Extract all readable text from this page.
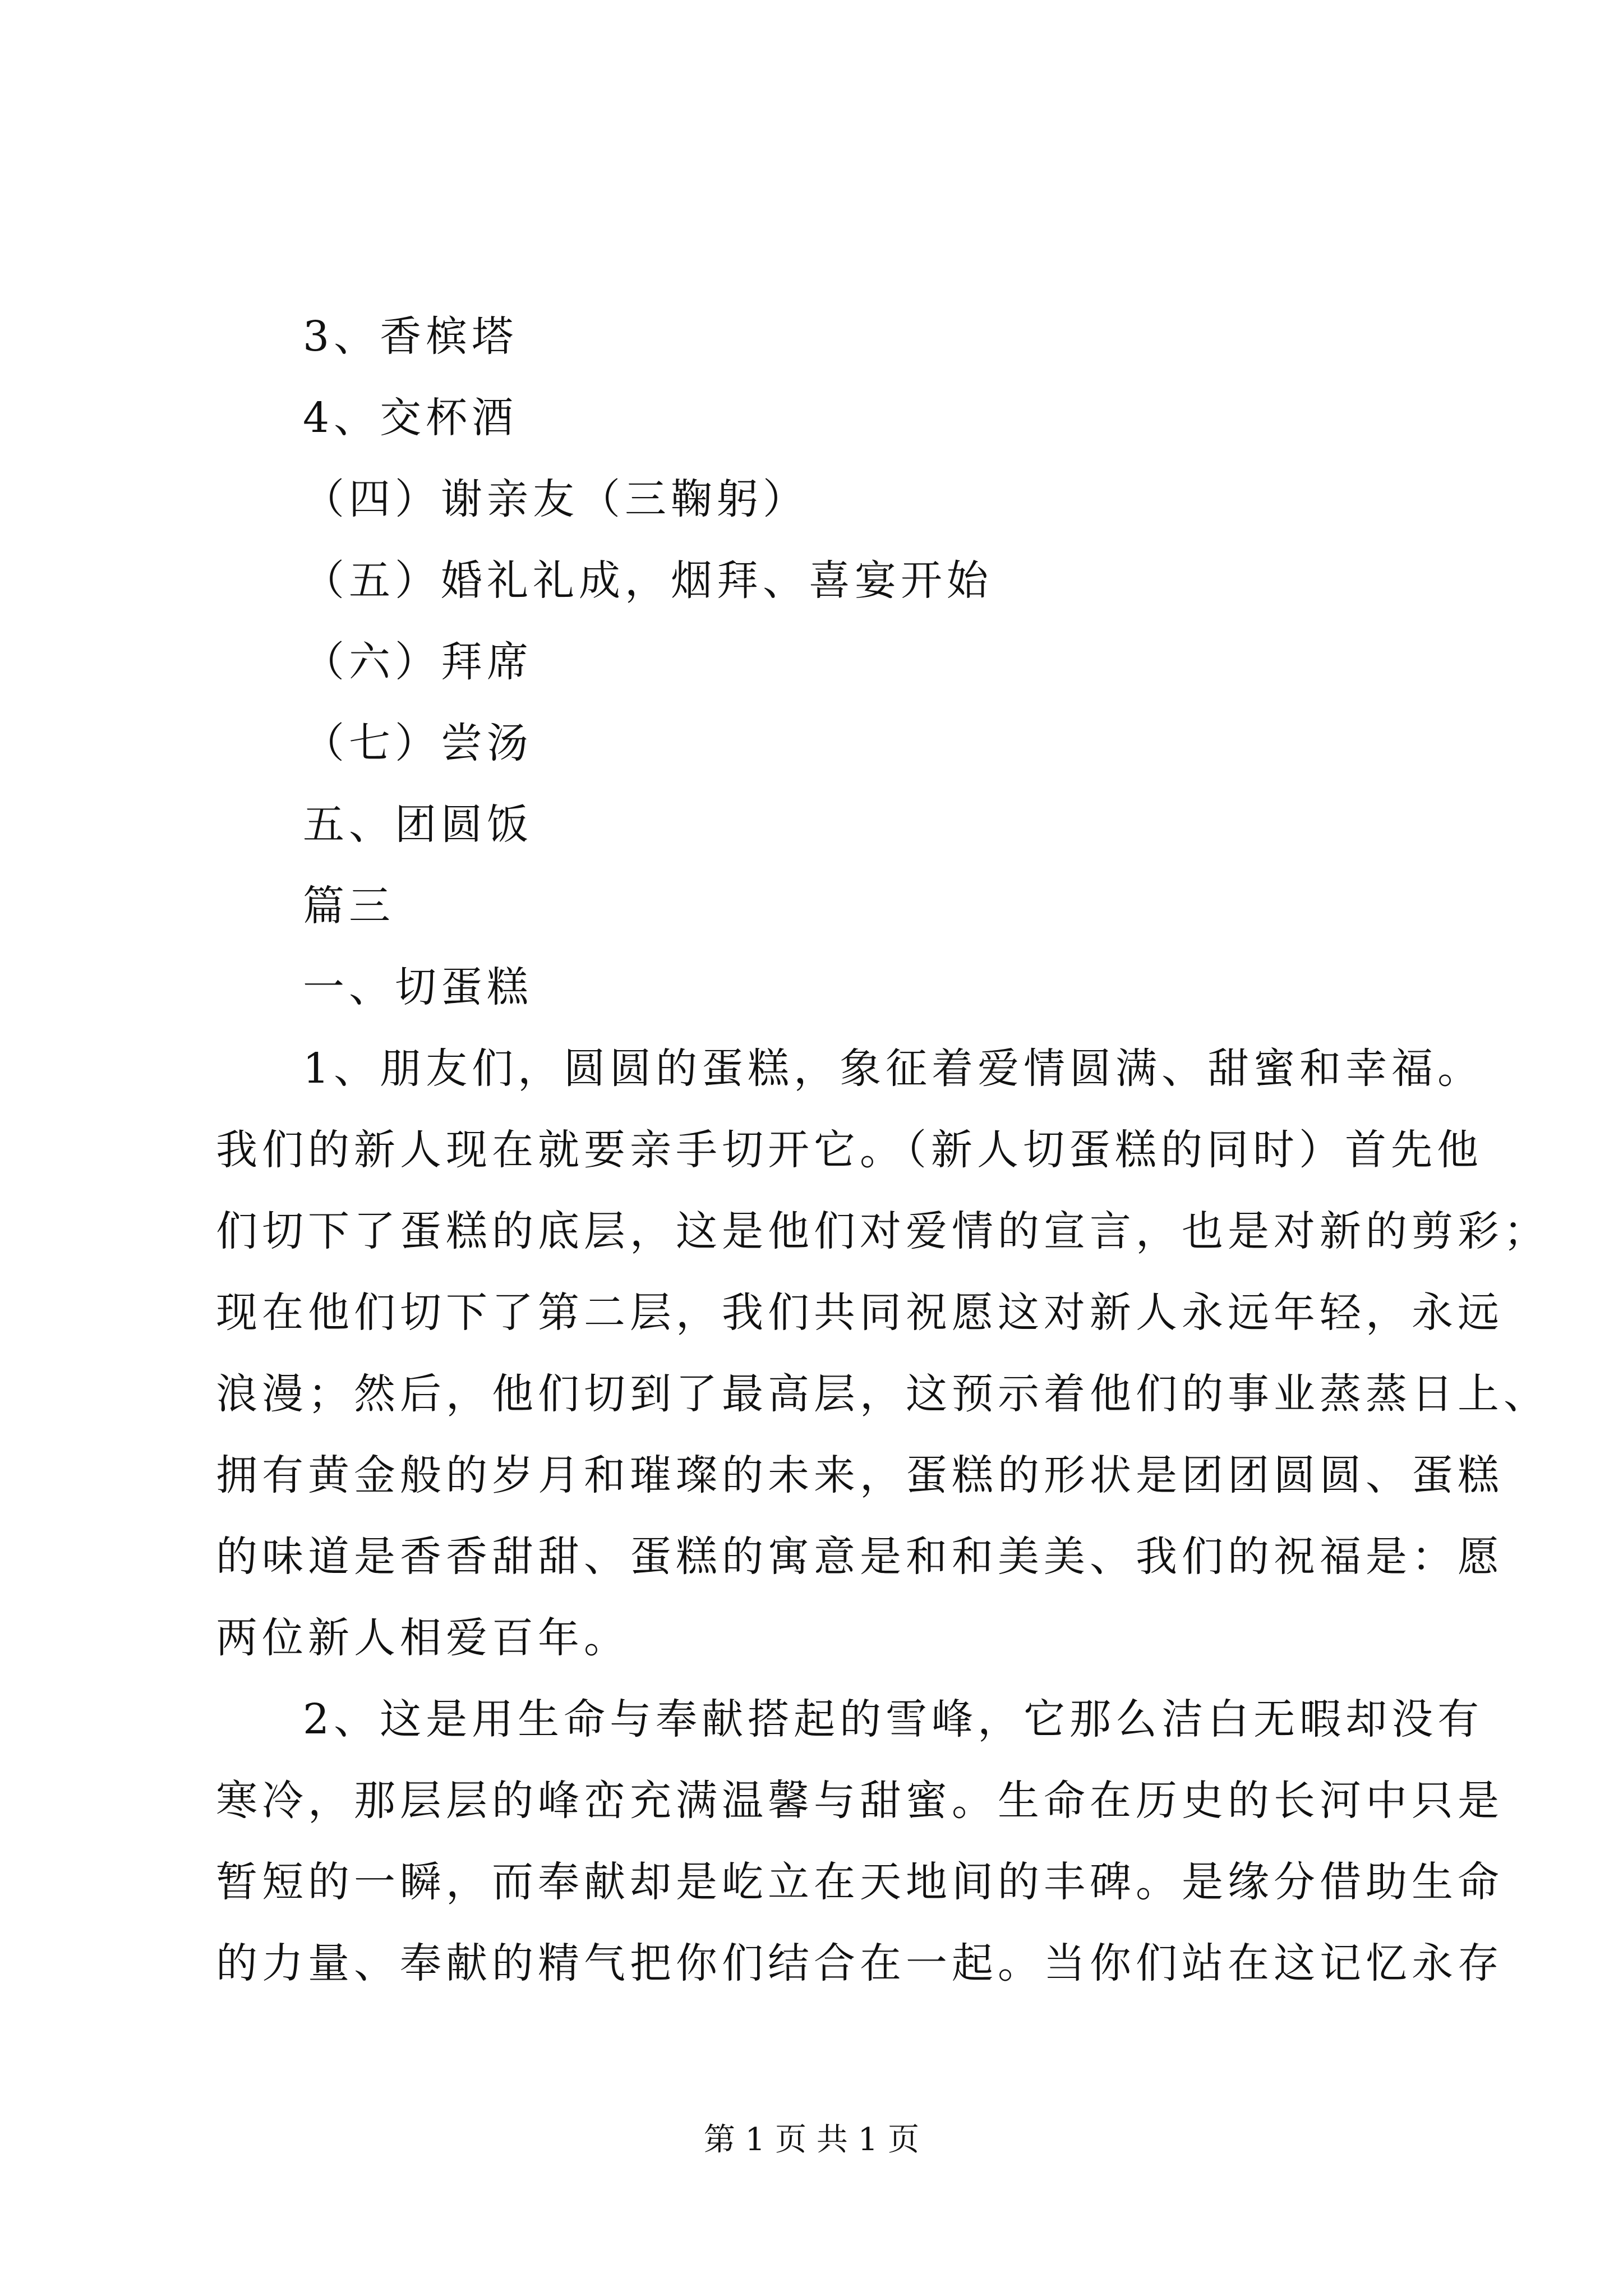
3、香槟塔
4、交杯酒
（四）谢亲友（三鞠躬）
（五）婚礼礼成，烟拜、喜宴开始
（六）拜席
（七）尝汤
五、团圆饭
篇三
一、切蛋糕
1、朋友们，圆圆的蛋糕，象征着爱情圆满、甜蜜和幸福。
我们的新人现在就要亲手切开它。（新人切蛋糕的同时）首先他
们切下了蛋糕的底层，这是他们对爱情的宣言，也是对新的剪彩；
现在他们切下了第二层，我们共同祝愿这对新人永远年轻，永远
浪漫；然后，他们切到了最高层，这预示着他们的事业蒸蒸日上、
拥有黄金般的岁月和璀璨的未来，蛋糕的形状是团团圆圆、蛋糕
的味道是香香甜甜、蛋糕的寓意是和和美美、我们的祝福是：愿
两位新人相爱百年。
2、这是用生命与奉献搭起的雪峰，它那么洁白无暇却没有
寒冷，那层层的峰峦充满温馨与甜蜜。生命在历史的长河中只是
暂短的一瞬，而奉献却是屹立在天地间的丰碑。是缘分借助生命
的力量、奉献的精气把你们结合在一起。当你们站在这记忆永存
第 1 页 共 1 页
